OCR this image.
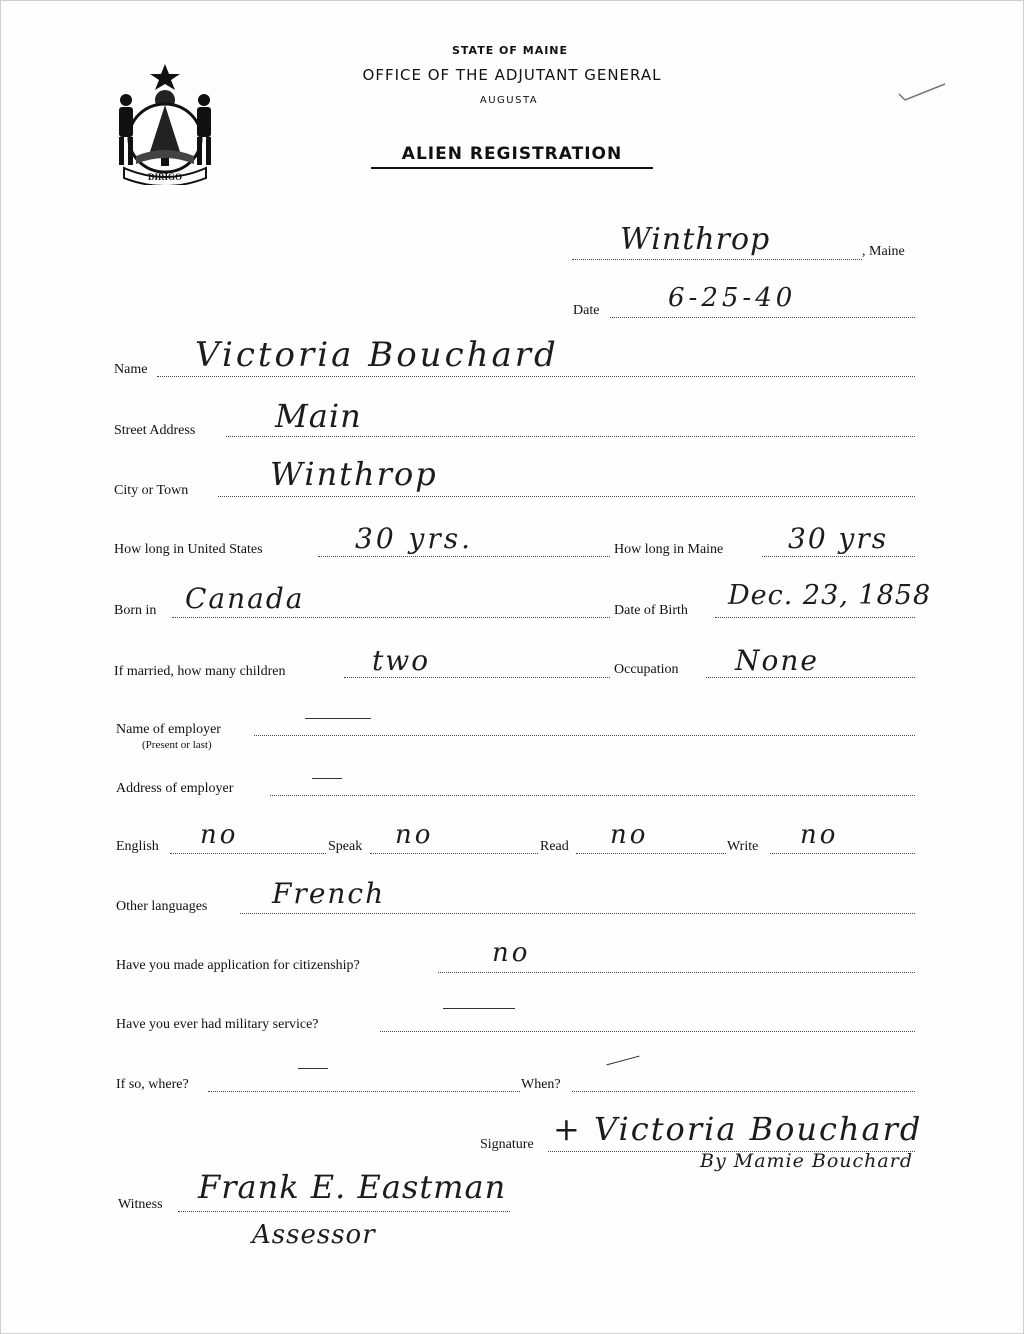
DIRIGO
STATE OF MAINE
OFFICE OF THE ADJUTANT GENERAL
AUGUSTA
ALIEN REGISTRATION
Winthrop	, Maine
Date	6-25-40
Name Victoria Bouchard
Street Address Main
City or Town	Winthrop
How long in United States	30 yrs.	How long in Maine 30 yrs
Born in Canada	Date of Birth Dec. 23, 1858
If married, how many children	two	Occupation None
Name of employer
(Present or last)
Address of employer
English no	Speak no	Read no	Write no
Other languages French
Have you made application for citizenship?	no
Have you ever had military service?
If so, where?	When?
Signature + Victoria Bouchard
By Mamie Bouchard
Witness Frank E. Eastman
Assessor
